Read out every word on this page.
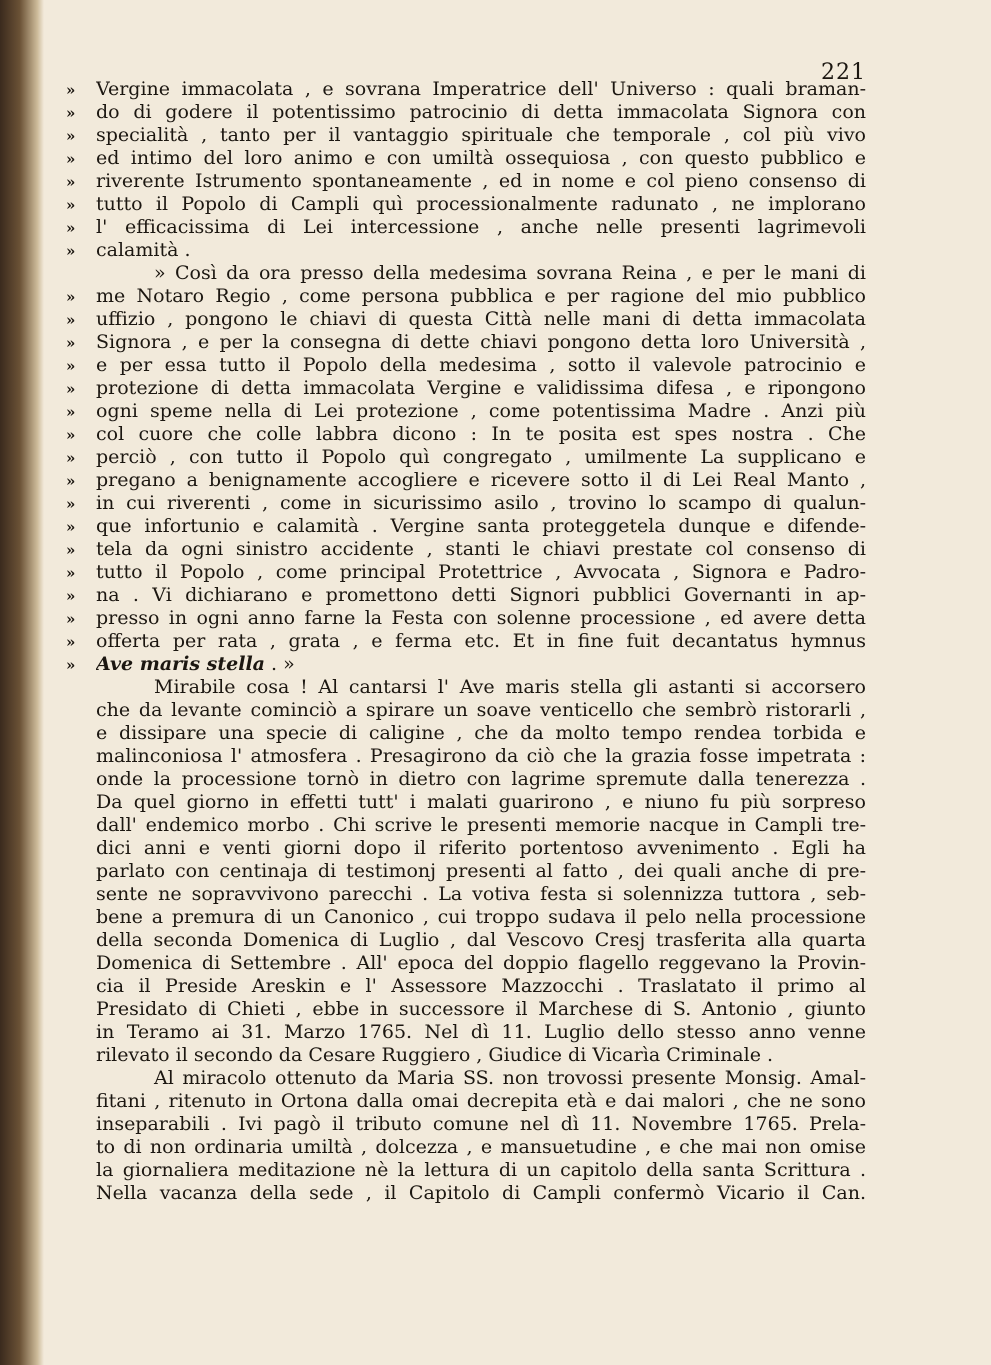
221
»	Vergine immacolata , e sovrana Imperatrice dell' Universo : quali braman-
»	do di godere il potentissimo patrocinio di detta immacolata Signora con
»	specialità , tanto per il vantaggio spirituale che temporale , col più vivo
»	ed intimo del loro animo e con umiltà ossequiosa , con questo pubblico e
»	riverente Istrumento spontaneamente , ed in nome e col pieno consenso di
»	tutto il Popolo di Campli quì processionalmente radunato , ne implorano
»	l' efficacissima di Lei intercessione , anche nelle presenti lagrimevoli
»	calamità .
» Così da ora presso della medesima sovrana Reina , e per le mani di
»	me Notaro Regio , come persona pubblica e per ragione del mio pubblico
»	uffizio , pongono le chiavi di questa Città nelle mani di detta immacolata
»	Signora , e per la consegna di dette chiavi pongono detta loro Università ,
»	e per essa tutto il Popolo della medesima , sotto il valevole patrocinio e
»	protezione di detta immacolata Vergine e validissima difesa , e ripongono
»	ogni speme nella di Lei protezione , come potentissima Madre . Anzi più
»	col cuore che colle labbra dicono : In te posita est spes nostra . Che
»	perciò , con tutto il Popolo quì congregato , umilmente La supplicano e
»	pregano a benignamente accogliere e ricevere sotto il di Lei Real Manto ,
»	in cui riverenti , come in sicurissimo asilo , trovino lo scampo di qualun-
»	que infortunio e calamità . Vergine santa proteggetela dunque e difende-
»	tela da ogni sinistro accidente , stanti le chiavi prestate col consenso di
»	tutto il Popolo , come principal Protettrice , Avvocata , Signora e Padro-
»	na . Vi dichiarano e promettono detti Signori pubblici Governanti in ap-
»	presso in ogni anno farne la Festa con solenne processione , ed avere detta
»	offerta per rata , grata , e ferma etc. Et in fine fuit decantatus hymnus
»	Ave maris stella . »
Mirabile cosa ! Al cantarsi l' Ave maris stella gli astanti si accorsero
che da levante cominciò a spirare un soave venticello che sembrò ristorarli ,
e dissipare una specie di caligine , che da molto tempo rendea torbida e
malinconiosa l' atmosfera . Presagirono da ciò che la grazia fosse impetrata :
onde la processione tornò in dietro con lagrime spremute dalla tenerezza .
Da quel giorno in effetti tutt' i malati guarirono , e niuno fu più sorpreso
dall' endemico morbo . Chi scrive le presenti memorie nacque in Campli tre-
dici anni e venti giorni dopo il riferito portentoso avvenimento . Egli ha
parlato con centinaja di testimonj presenti al fatto , dei quali anche di pre-
sente ne sopravvivono parecchi . La votiva festa si solennizza tuttora , seb-
bene a premura di un Canonico , cui troppo sudava il pelo nella processione
della seconda Domenica di Luglio , dal Vescovo Cresj trasferita alla quarta
Domenica di Settembre . All' epoca del doppio flagello reggevano la Provin-
cia il Preside Areskin e l' Assessore Mazzocchi . Traslatato il primo al
Presidato di Chieti , ebbe in successore il Marchese di S. Antonio , giunto
in Teramo ai 31. Marzo 1765. Nel dì 11. Luglio dello stesso anno venne
rilevato il secondo da Cesare Ruggiero , Giudice di Vicarìa Criminale .
Al miracolo ottenuto da Maria SS. non trovossi presente Monsig. Amal-
fitani , ritenuto in Ortona dalla omai decrepita età e dai malori , che ne sono
inseparabili . Ivi pagò il tributo comune nel dì 11. Novembre 1765. Prela-
to di non ordinaria umiltà , dolcezza , e mansuetudine , e che mai non omise
la giornaliera meditazione nè la lettura di un capitolo della santa Scrittura .
Nella vacanza della sede , il Capitolo di Campli confermò Vicario il Can.
